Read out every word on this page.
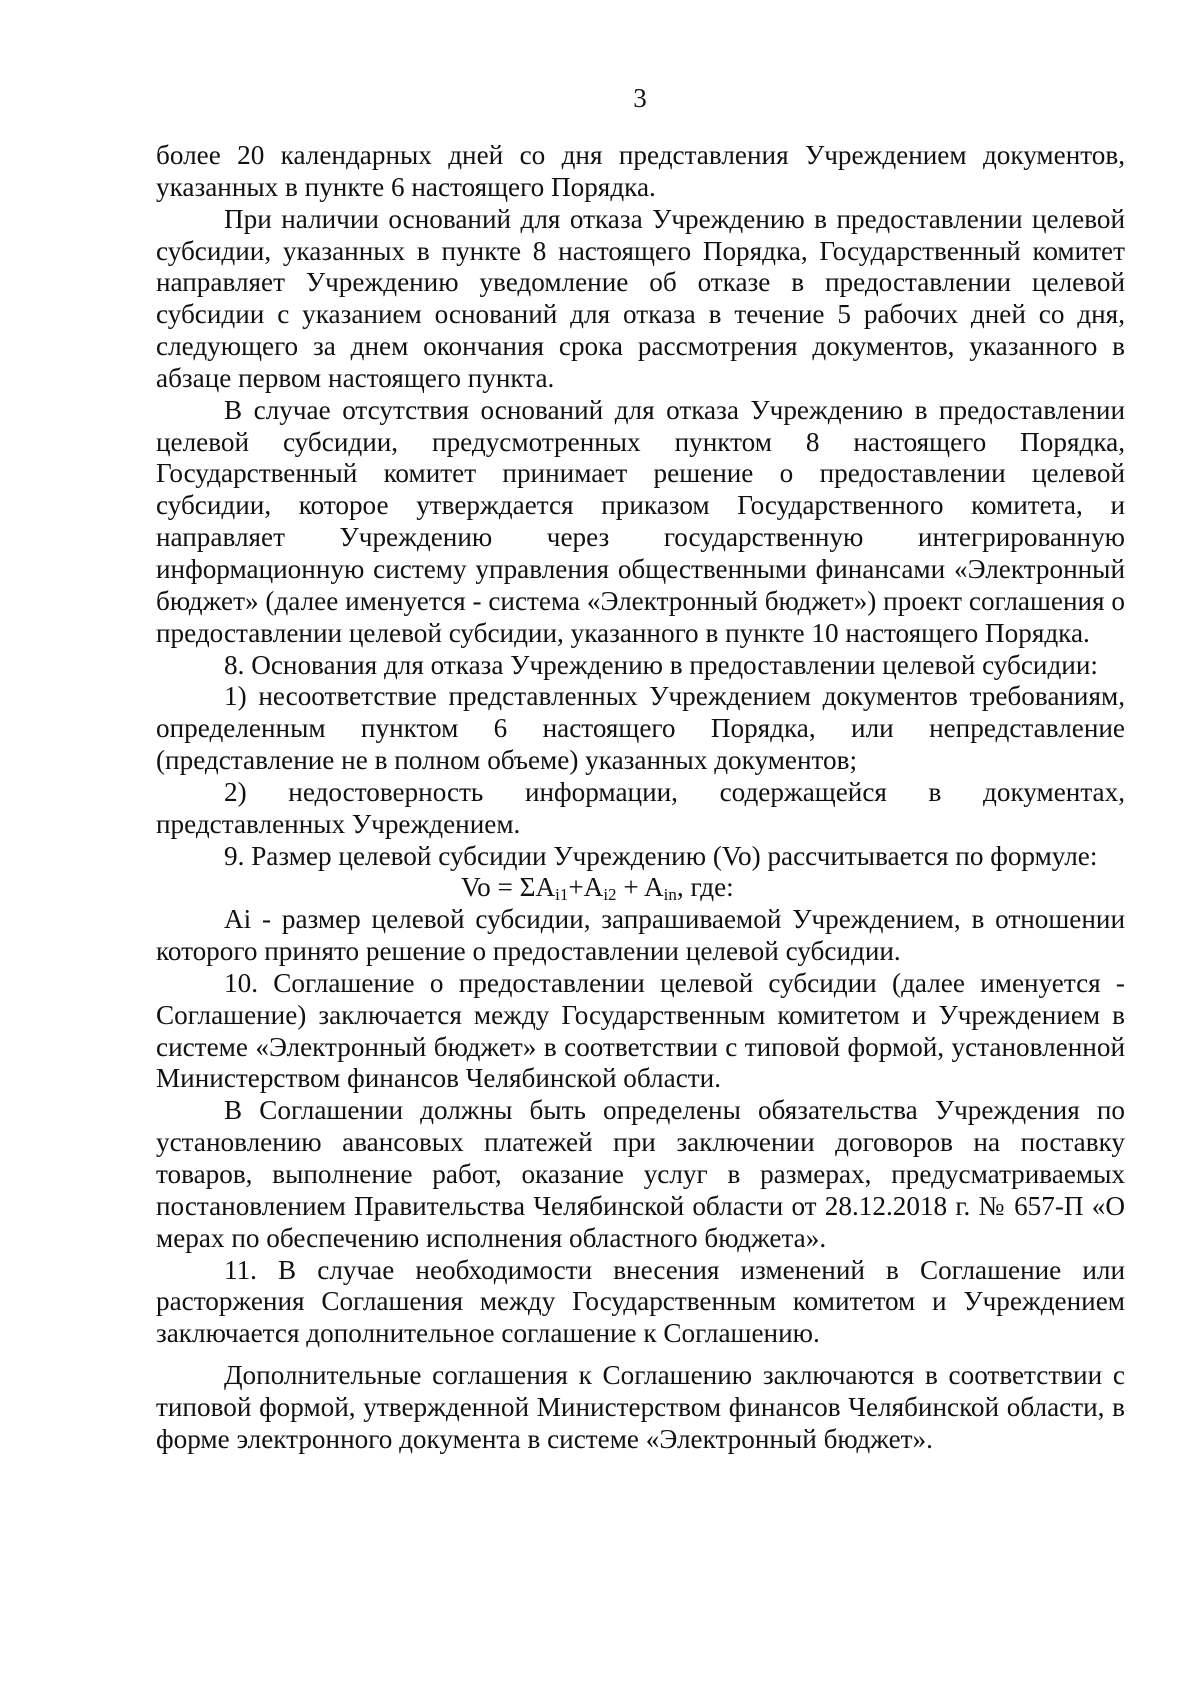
3

более 20 календарных дней со дня представления Учреждением документов, указанных в пункте 6 настоящего Порядка.

При наличии оснований для отказа Учреждению в предоставлении целевой субсидии, указанных в пункте 8 настоящего Порядка, Государственный комитет направляет Учреждению уведомление об отказе в предоставлении целевой субсидии с указанием оснований для отказа в течение 5 рабочих дней со дня, следующего за днем окончания срока рассмотрения документов, указанного в абзаце первом настоящего пункта.

В случае отсутствия оснований для отказа Учреждению в предоставлении целевой субсидии, предусмотренных пунктом 8 настоящего Порядка, Государственный комитет принимает решение о предоставлении целевой субсидии, которое утверждается приказом Государственного комитета, и направляет Учреждению через государственную интегрированную информационную систему управления общественными финансами «Электронный бюджет» (далее именуется - система «Электронный бюджет») проект соглашения о предоставлении целевой субсидии, указанного в пункте 10 настоящего Порядка.

8. Основания для отказа Учреждению в предоставлении целевой субсидии:

1) несоответствие представленных Учреждением документов требованиям, определенным пунктом 6 настоящего Порядка, или непредставление (представление не в полном объеме) указанных документов;

2) недостоверность информации, содержащейся в документах, представленных Учреждением.

9. Размер целевой субсидии Учреждению (Vo) рассчитывается по формуле:

$Vo = \Sigma A_{i1}+A_{i2} + A_{in}$, где:

Ai - размер целевой субсидии, запрашиваемой Учреждением, в отношении которого принято решение о предоставлении целевой субсидии.

10. Соглашение о предоставлении целевой субсидии (далее именуется - Соглашение) заключается между Государственным комитетом и Учреждением в системе «Электронный бюджет» в соответствии с типовой формой, установленной Министерством финансов Челябинской области.

В Соглашении должны быть определены обязательства Учреждения по установлению авансовых платежей при заключении договоров на поставку товаров, выполнение работ, оказание услуг в размерах, предусматриваемых постановлением Правительства Челябинской области от 28.12.2018 г. № 657-П «О мерах по обеспечению исполнения областного бюджета».

11. В случае необходимости внесения изменений в Соглашение или расторжения Соглашения между Государственным комитетом и Учреждением заключается дополнительное соглашение к Соглашению.

Дополнительные соглашения к Соглашению заключаются в соответствии с типовой формой, утвержденной Министерством финансов Челябинской области, в форме электронного документа в системе «Электронный бюджет».
